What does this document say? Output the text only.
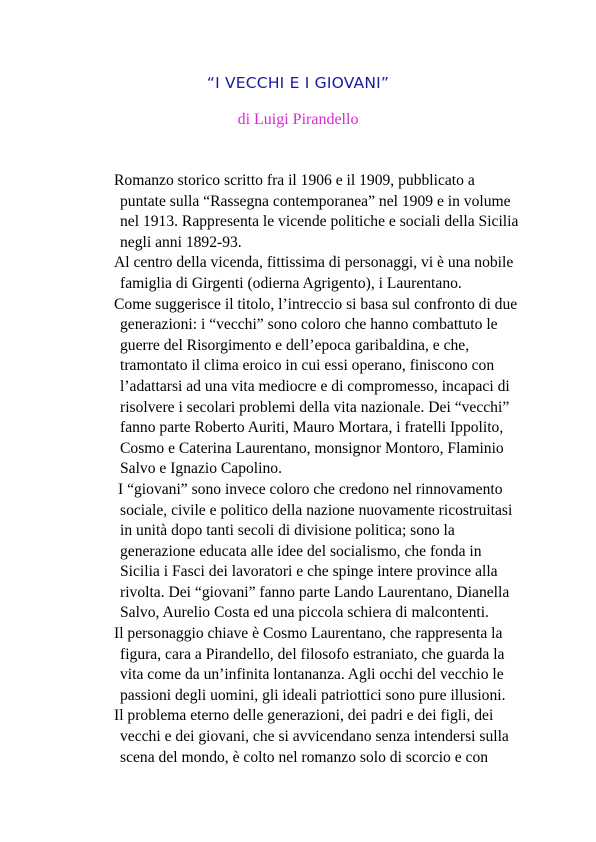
“I VECCHI E I GIOVANI”
di Luigi Pirandello
Romanzo storico scritto fra il 1906 e il 1909, pubblicato a
puntate sulla “Rassegna contemporanea” nel 1909 e in volume
nel 1913. Rappresenta le vicende politiche e sociali della Sicilia
negli anni 1892-93.
Al centro della vicenda, fittissima di personaggi, vi è una nobile
famiglia di Girgenti (odierna Agrigento), i Laurentano.
Come suggerisce il titolo, l’intreccio si basa sul confronto di due
generazioni: i “vecchi” sono coloro che hanno combattuto le
guerre del Risorgimento e dell’epoca garibaldina, e che,
tramontato il clima eroico in cui essi operano, finiscono con
l’adattarsi ad una vita mediocre e di compromesso, incapaci di
risolvere i secolari problemi della vita nazionale. Dei “vecchi”
fanno parte Roberto Auriti, Mauro Mortara, i fratelli Ippolito,
Cosmo e Caterina Laurentano, monsignor Montoro, Flaminio
Salvo e Ignazio Capolino.
I “giovani” sono invece coloro che credono nel rinnovamento
sociale, civile e politico della nazione nuovamente ricostruitasi
in unità dopo tanti secoli di divisione politica; sono la
generazione educata alle idee del socialismo, che fonda in
Sicilia i Fasci dei lavoratori e che spinge intere province alla
rivolta. Dei “giovani” fanno parte Lando Laurentano, Dianella
Salvo, Aurelio Costa ed una piccola schiera di malcontenti.
Il personaggio chiave è Cosmo Laurentano, che rappresenta la
figura, cara a Pirandello, del filosofo estraniato, che guarda la
vita come da un’infinita lontananza. Agli occhi del vecchio le
passioni degli uomini, gli ideali patriottici sono pure illusioni.
Il problema eterno delle generazioni, dei padri e dei figli, dei
vecchi e dei giovani, che si avvicendano senza intendersi sulla
scena del mondo, è colto nel romanzo solo di scorcio e con
